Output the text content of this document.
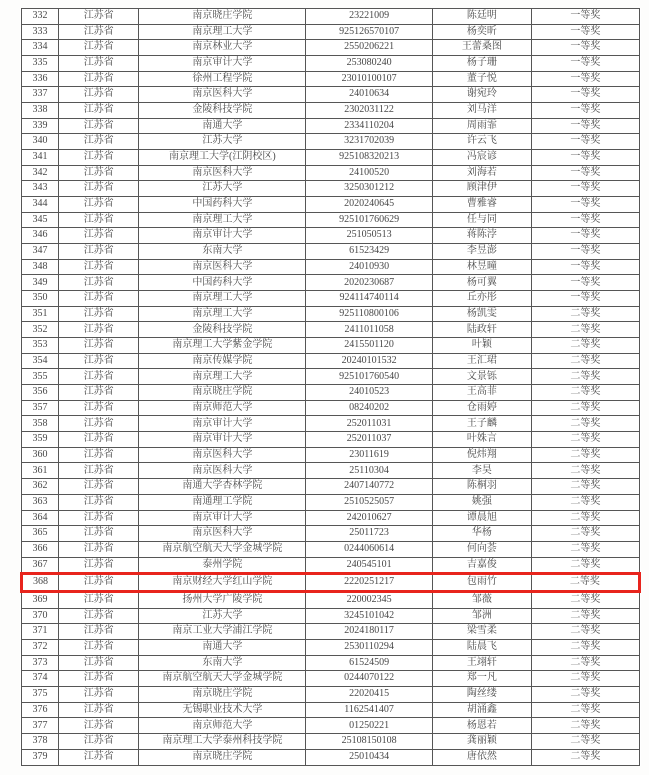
332	江苏省	南京晓庄学院	23221009	陈廷明	一等奖
333	江苏省	南京理工大学	925126570107	杨奕昕	一等奖
334	江苏省	南京林业大学	2550206221	王蕾桑图	一等奖
335	江苏省	南京审计大学	253080240	杨子珊	一等奖
336	江苏省	徐州工程学院	23010100107	董子悦	一等奖
337	江苏省	南京医科大学	24010634	谢宛玲	一等奖
338	江苏省	金陵科技学院	2302031122	刘马洋	一等奖
339	江苏省	南通大学	2334110204	周雨霏	一等奖
340	江苏省	江苏大学	3231702039	许云飞	一等奖
341	江苏省	南京理工大学(江阴校区)	925108320213	冯宸谚	一等奖
342	江苏省	南京医科大学	24100520	刘海若	一等奖
343	江苏省	江苏大学	3250301212	顾津伊	一等奖
344	江苏省	中国药科大学	2020240645	曹雅睿	一等奖
345	江苏省	南京理工大学	925101760629	任与同	一等奖
346	江苏省	南京审计大学	251050513	蒋陈浡	一等奖
347	江苏省	东南大学	61523429	李昱澎	一等奖
348	江苏省	南京医科大学	24010930	林昱曈	一等奖
349	江苏省	中国药科大学	2020230687	杨可翼	一等奖
350	江苏省	南京理工大学	924114740114	丘亦彤	一等奖
351	江苏省	南京理工大学	925110800106	杨凯雯	二等奖
352	江苏省	金陵科技学院	2411011058	陆政轩	二等奖
353	江苏省	南京理工大学紫金学院	2415501120	叶颖	二等奖
354	江苏省	南京传媒学院	20240101532	王汇珺	二等奖
355	江苏省	南京理工大学	925101760540	文景铄	二等奖
356	江苏省	南京晓庄学院	24010523	王高菲	二等奖
357	江苏省	南京师范大学	08240202	仓雨婷	二等奖
358	江苏省	南京审计大学	252011031	王子麟	二等奖
359	江苏省	南京审计大学	252011037	叶姝言	二等奖
360	江苏省	南京医科大学	23011619	倪炜翔	二等奖
361	江苏省	南京医科大学	25110304	李昊	二等奖
362	江苏省	南通大学杏林学院	2407140772	陈桐羽	二等奖
363	江苏省	南通理工学院	2510525057	姚强	二等奖
364	江苏省	南京审计大学	242010627	谭晨旭	二等奖
365	江苏省	南京医科大学	25011723	华杨	二等奖
366	江苏省	南京航空航天大学金城学院	0244060614	何向荟	二等奖
367	江苏省	泰州学院	240545101	吉嘉俊	二等奖
368	江苏省	南京财经大学红山学院	2220251217	包雨竹	二等奖
369	江苏省	扬州大学广陵学院	220002345	邹薇	二等奖
370	江苏省	江苏大学	3245101042	邹洲	二等奖
371	江苏省	南京工业大学浦江学院	2024180117	梁雪柔	二等奖
372	江苏省	南通大学	2530110294	陆晨飞	二等奖
373	江苏省	东南大学	61524509	王翊轩	二等奖
374	江苏省	南京航空航天大学金城学院	0244070122	郑一凡	二等奖
375	江苏省	南京晓庄学院	22020415	陶丝缕	二等奖
376	江苏省	无锡职业技术大学	1162541407	胡涌鑫	二等奖
377	江苏省	南京师范大学	01250221	杨恩若	二等奖
378	江苏省	南京理工大学泰州科技学院	25108150108	龚丽颖	二等奖
379	江苏省	南京晓庄学院	25010434	唐依然	二等奖
